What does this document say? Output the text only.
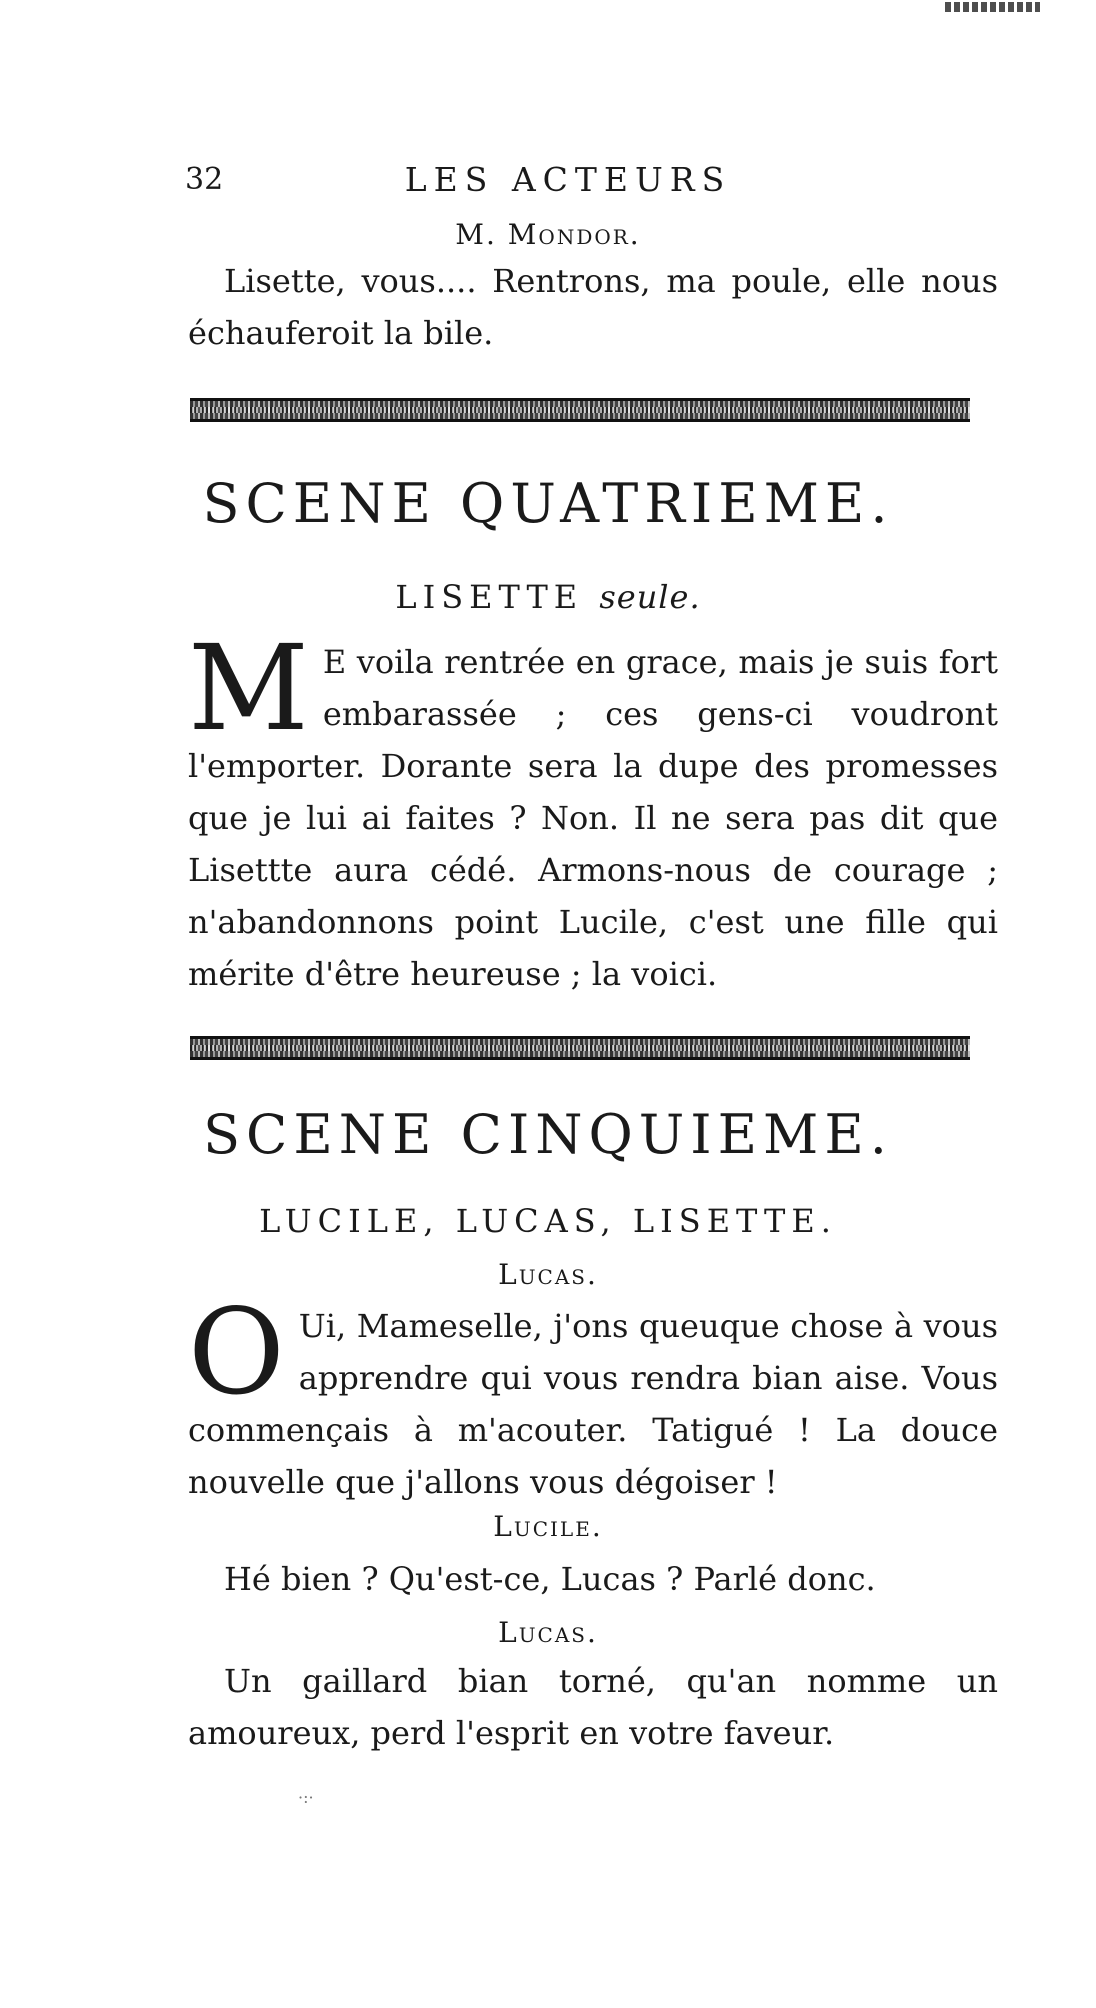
32	LES ACTEURS
M. Mondor.
Lisette, vous.... Rentrons, ma poule, elle nous échauferoit la bile.
SCENE QUATRIEME.
LISETTE seule.
M E voila rentrée en grace, mais je suis fort embarassée ; ces gens-ci voudront l'emporter. Dorante sera la dupe des promesses que je lui ai faites ? Non. Il ne sera pas dit que Lisettte aura cédé. Armons-nous de courage ; n'abandonnons point Lucile, c'est une fille qui mérite d'être heureuse ; la voici.
SCENE CINQUIEME.
LUCILE, LUCAS, LISETTE.
Lucas.
O Ui, Mameselle, j'ons queuque chose à vous apprendre qui vous rendra bian aise. Vous commençais à m'acouter. Tatigué ! La douce nouvelle que j'allons vous dégoiser !
Lucile.
Hé bien ? Qu'est-ce, Lucas ? Parlé donc.
Lucas.
Un gaillard bian torné, qu'an nomme un amoureux, perd l'esprit en votre faveur.
·:·
